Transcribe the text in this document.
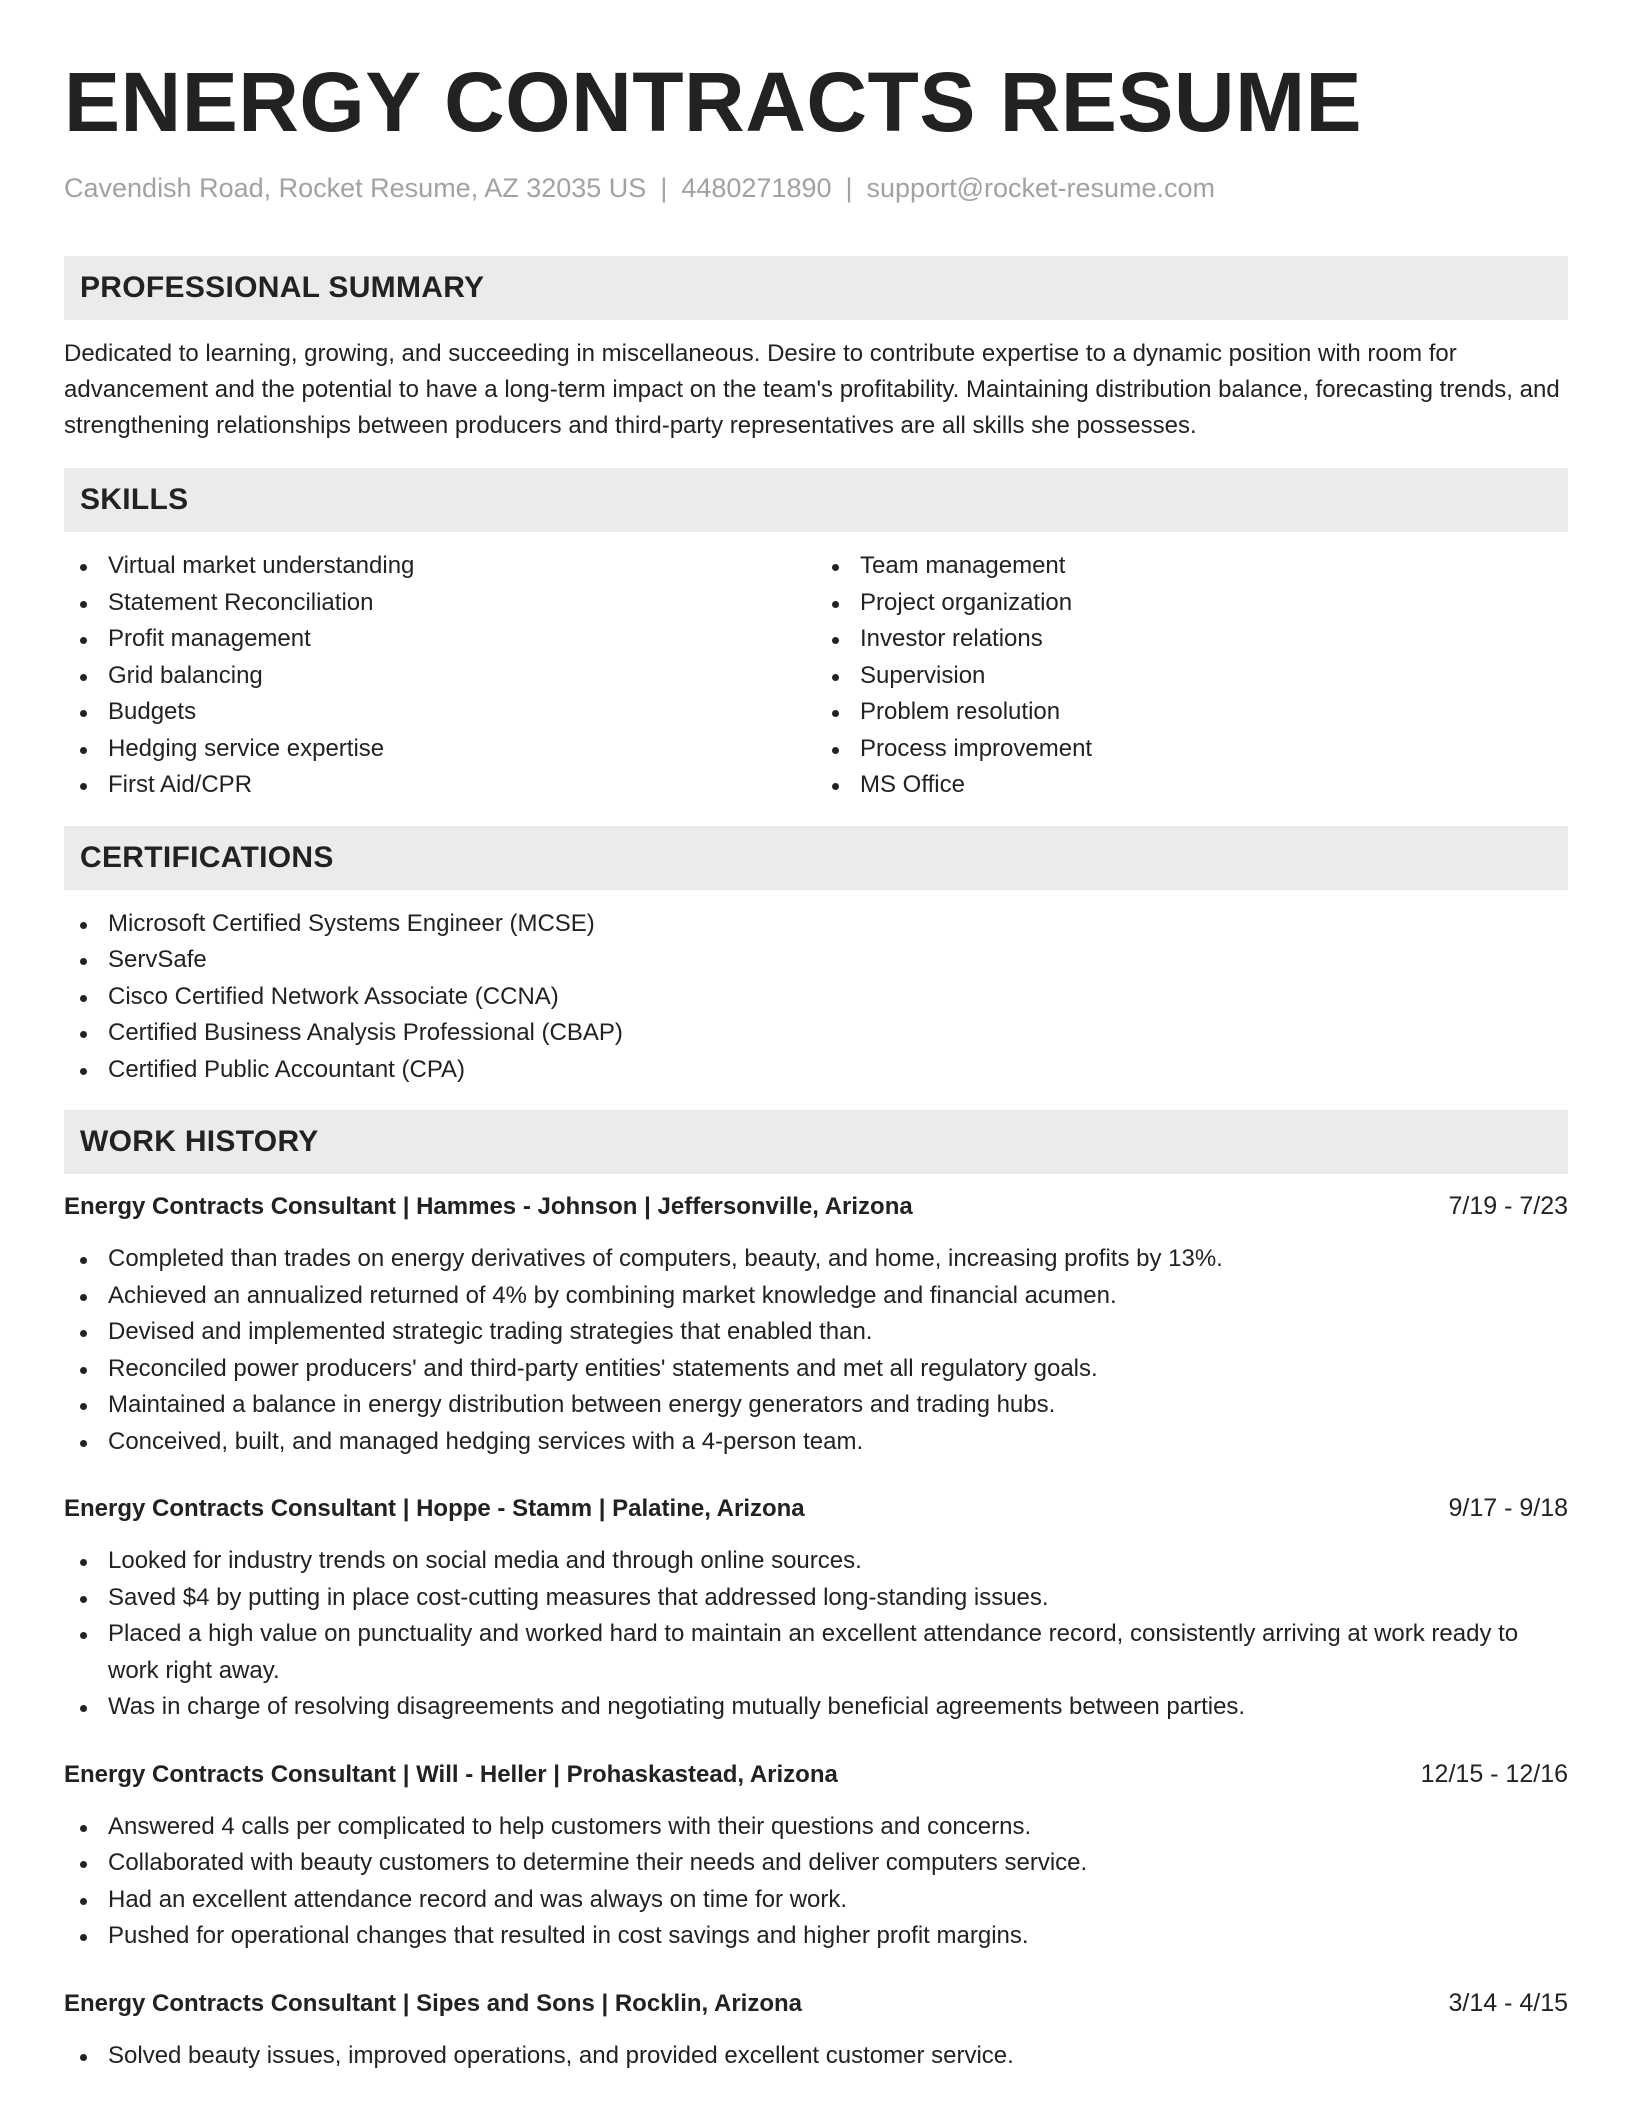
ENERGY CONTRACTS RESUME
Cavendish Road, Rocket Resume, AZ 32035 US | 4480271890 | support@rocket-resume.com
PROFESSIONAL SUMMARY
Dedicated to learning, growing, and succeeding in miscellaneous. Desire to contribute expertise to a dynamic position with room for advancement and the potential to have a long-term impact on the team's profitability. Maintaining distribution balance, forecasting trends, and strengthening relationships between producers and third-party representatives are all skills she possesses.
SKILLS
Virtual market understanding
Statement Reconciliation
Profit management
Grid balancing
Budgets
Hedging service expertise
First Aid/CPR
Team management
Project organization
Investor relations
Supervision
Problem resolution
Process improvement
MS Office
CERTIFICATIONS
Microsoft Certified Systems Engineer (MCSE)
ServSafe
Cisco Certified Network Associate (CCNA)
Certified Business Analysis Professional (CBAP)
Certified Public Accountant (CPA)
WORK HISTORY
Energy Contracts Consultant | Hammes - Johnson | Jeffersonville, Arizona	7/19 - 7/23
Completed than trades on energy derivatives of computers, beauty, and home, increasing profits by 13%.
Achieved an annualized returned of 4% by combining market knowledge and financial acumen.
Devised and implemented strategic trading strategies that enabled than.
Reconciled power producers' and third-party entities' statements and met all regulatory goals.
Maintained a balance in energy distribution between energy generators and trading hubs.
Conceived, built, and managed hedging services with a 4-person team.
Energy Contracts Consultant | Hoppe - Stamm | Palatine, Arizona	9/17 - 9/18
Looked for industry trends on social media and through online sources.
Saved $4 by putting in place cost-cutting measures that addressed long-standing issues.
Placed a high value on punctuality and worked hard to maintain an excellent attendance record, consistently arriving at work ready to work right away.
Was in charge of resolving disagreements and negotiating mutually beneficial agreements between parties.
Energy Contracts Consultant | Will - Heller | Prohaskastead, Arizona	12/15 - 12/16
Answered 4 calls per complicated to help customers with their questions and concerns.
Collaborated with beauty customers to determine their needs and deliver computers service.
Had an excellent attendance record and was always on time for work.
Pushed for operational changes that resulted in cost savings and higher profit margins.
Energy Contracts Consultant | Sipes and Sons | Rocklin, Arizona	3/14 - 4/15
Solved beauty issues, improved operations, and provided excellent customer service.
